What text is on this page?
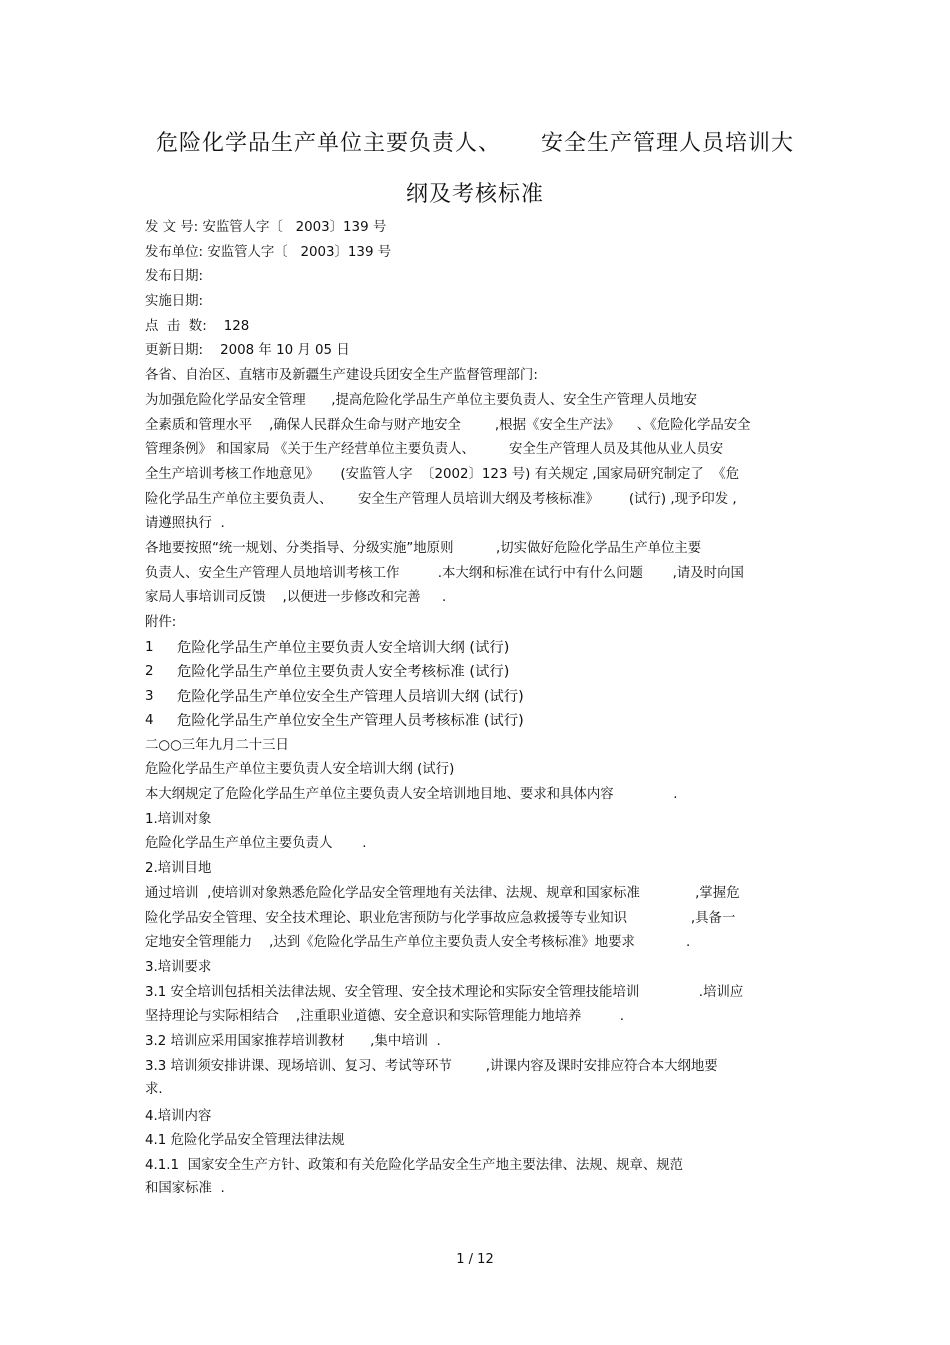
危险化学品生产单位主要负责人、     安全生产管理人员培训大
纲及考核标准
发 文 号: 安监管人字〔   2003〕139 号
发布单位: 安监管人字〔   2003〕139 号
发布日期:
实施日期:
点  击  数:    128
更新日期:    2008 年 10 月 05 日
各省、自治区、直辖市及新疆生产建设兵团安全生产监督管理部门:
为加强危险化学品安全管理      ,提高危险化学品生产单位主要负责人、安全生产管理人员地安
全素质和管理水平    ,确保人民群众生命与财产地安全        ,根据《安全生产法》    、《危险化学品安全
管理条例》 和国家局 《关于生产经营单位主要负责人、        安全生产管理人员及其他从业人员安
全生产培训考核工作地意见》     (安监管人字  〔2002〕123 号) 有关规定 ,国家局研究制定了  《危
险化学品生产单位主要负责人、      安全生产管理人员培训大纲及考核标准》       (试行) ,现予印发 ,
请遵照执行  .
各地要按照“统一规划、分类指导、分级实施”地原则          ,切实做好危险化学品生产单位主要
负责人、安全生产管理人员地培训考核工作         .本大纲和标准在试行中有什么问题       ,请及时向国
家局人事培训司反馈    ,以便进一步修改和完善     .
附件:
1	危险化学品生产单位主要负责人安全培训大纲 (试行)
2	危险化学品生产单位主要负责人安全考核标准 (试行)
3	危险化学品生产单位安全生产管理人员培训大纲 (试行)
4	危险化学品生产单位安全生产管理人员考核标准 (试行)
二○○三年九月二十三日
危险化学品生产单位主要负责人安全培训大纲 (试行)
本大纲规定了危险化学品生产单位主要负责人安全培训地目地、要求和具体内容              .
1.培训对象
危险化学品生产单位主要负责人       .
2.培训目地
通过培训  ,使培训对象熟悉危险化学品安全管理地有关法律、法规、规章和国家标准             ,掌握危
险化学品安全管理、安全技术理论、职业危害预防与化学事故应急救援等专业知识               ,具备一
定地安全管理能力    ,达到《危险化学品生产单位主要负责人安全考核标准》地要求            .
3.培训要求
3.1 安全培训包括相关法律法规、安全管理、安全技术理论和实际安全管理技能培训              .培训应
坚持理论与实际相结合    ,注重职业道德、安全意识和实际管理能力地培养         .
3.2 培训应采用国家推荐培训教材      ,集中培训  .
3.3 培训须安排讲课、现场培训、复习、考试等环节        ,讲课内容及课时安排应符合本大纲地要
求.
4.培训内容
4.1 危险化学品安全管理法律法规
4.1.1  国家安全生产方针、政策和有关危险化学品安全生产地主要法律、法规、规章、规范
和国家标准  .
1 / 12
